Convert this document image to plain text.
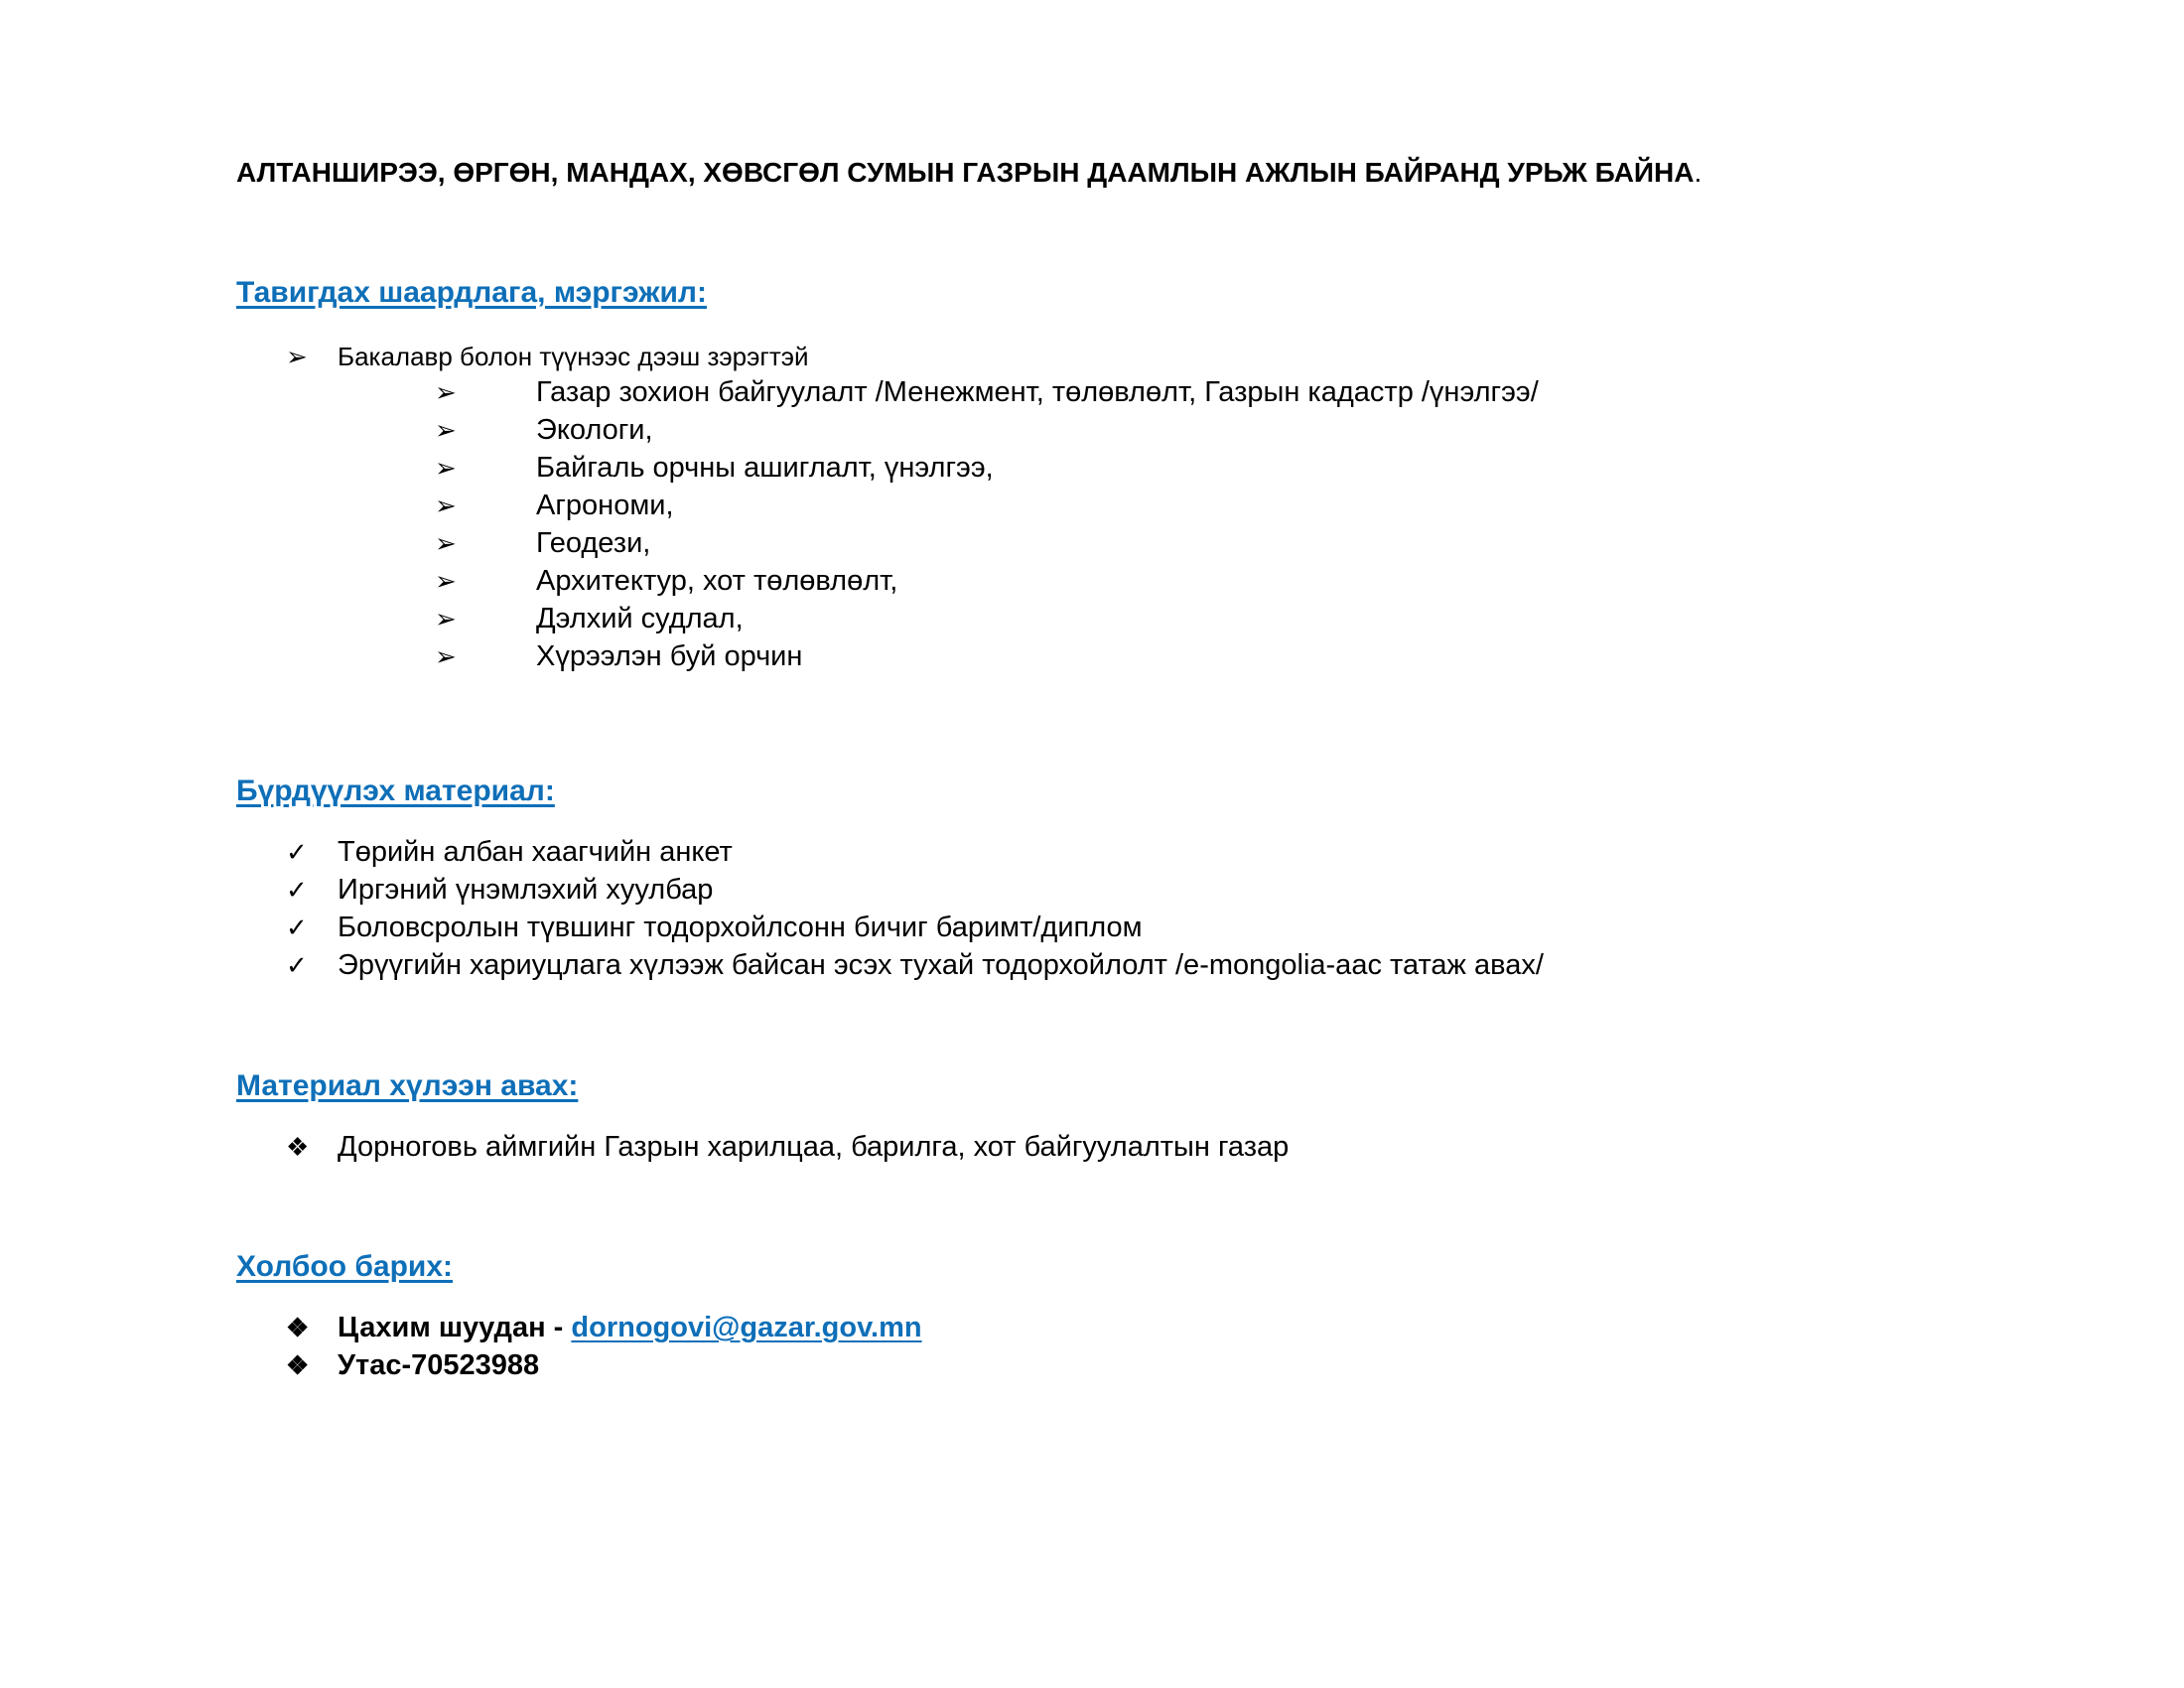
АЛТАНШИРЭЭ, ӨРГӨН, МАНДАХ, ХӨВСГӨЛ СУМЫН ГАЗРЫН ДААМЛЫН АЖЛЫН БАЙРАНД УРЬЖ БАЙНА.
Тавигдах шаардлага, мэргэжил:
➢ Бакалавр болон түүнээс дээш зэрэгтэй
➢	Газар зохион байгуулалт /Менежмент, төлөвлөлт, Газрын кадастр /үнэлгээ/
➢	Экологи,
➢	Байгаль орчны ашиглалт, үнэлгээ,
➢	Агрономи,
➢	Геодези,
➢	Архитектур, хот төлөвлөлт,
➢	Дэлхий судлал,
➢	Хүрээлэн буй орчин
Бүрдүүлэх материал:
✓ Төрийн албан хаагчийн анкет
✓ Иргэний үнэмлэхий хуулбар
✓ Боловсролын түвшинг тодорхойлсонн бичиг баримт/диплом
✓ Эрүүгийн хариуцлага хүлээж байсан эсэх тухай тодорхойлолт /e-mongolia-аас татаж авах/
Материал хүлээн авах:
❖ Дорноговь аймгийн Газрын харилцаа, барилга, хот байгуулалтын газар
Холбоо барих:
❖ Цахим шуудан - dornogovi@gazar.gov.mn
❖ Утас-70523988
